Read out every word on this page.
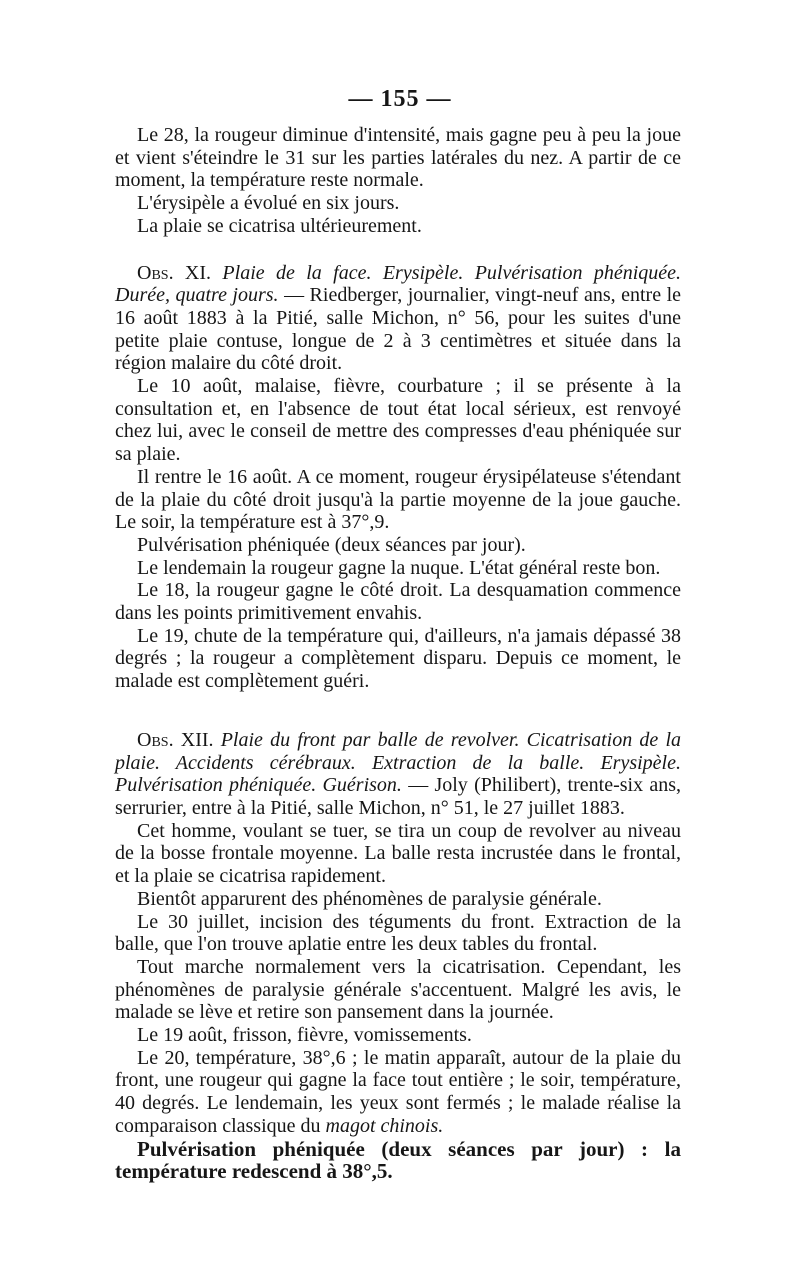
— 155 —

Le 28, la rougeur diminue d'intensité, mais gagne peu à peu la joue et vient s'éteindre le 31 sur les parties latérales du nez. A partir de ce moment, la température reste normale.

L'érysipèle a évolué en six jours.

La plaie se cicatrisa ultérieurement.

Obs. XI. Plaie de la face. Erysipèle. Pulvérisation phéniquée. Durée, quatre jours. — Riedberger, journalier, vingt-neuf ans, entre le 16 août 1883 à la Pitié, salle Michon, n° 56, pour les suites d'une petite plaie contuse, longue de 2 à 3 centimètres et située dans la région malaire du côté droit.

Le 10 août, malaise, fièvre, courbature ; il se présente à la consultation et, en l'absence de tout état local sérieux, est renvoyé chez lui, avec le conseil de mettre des compresses d'eau phéniquée sur sa plaie.

Il rentre le 16 août. A ce moment, rougeur érysipélateuse s'étendant de la plaie du côté droit jusqu'à la partie moyenne de la joue gauche. Le soir, la température est à 37°,9.

Pulvérisation phéniquée (deux séances par jour).

Le lendemain la rougeur gagne la nuque. L'état général reste bon.

Le 18, la rougeur gagne le côté droit. La desquamation commence dans les points primitivement envahis.

Le 19, chute de la température qui, d'ailleurs, n'a jamais dépassé 38 degrés ; la rougeur a complètement disparu. Depuis ce moment, le malade est complètement guéri.

Obs. XII. Plaie du front par balle de revolver. Cicatrisation de la plaie. Accidents cérébraux. Extraction de la balle. Erysipèle. Pulvérisation phéniquée. Guérison. — Joly (Philibert), trente-six ans, serrurier, entre à la Pitié, salle Michon, n° 51, le 27 juillet 1883.

Cet homme, voulant se tuer, se tira un coup de revolver au niveau de la bosse frontale moyenne. La balle resta incrustée dans le frontal, et la plaie se cicatrisa rapidement.

Bientôt apparurent des phénomènes de paralysie générale.

Le 30 juillet, incision des téguments du front. Extraction de la balle, que l'on trouve aplatie entre les deux tables du frontal.

Tout marche normalement vers la cicatrisation. Cependant, les phénomènes de paralysie générale s'accentuent. Malgré les avis, le malade se lève et retire son pansement dans la journée.

Le 19 août, frisson, fièvre, vomissements.

Le 20, température, 38°,6 ; le matin apparaît, autour de la plaie du front, une rougeur qui gagne la face tout entière ; le soir, température, 40 degrés. Le lendemain, les yeux sont fermés ; le malade réalise la comparaison classique du magot chinois.

Pulvérisation phéniquée (deux séances par jour) : la température redescend à 38°,5.
